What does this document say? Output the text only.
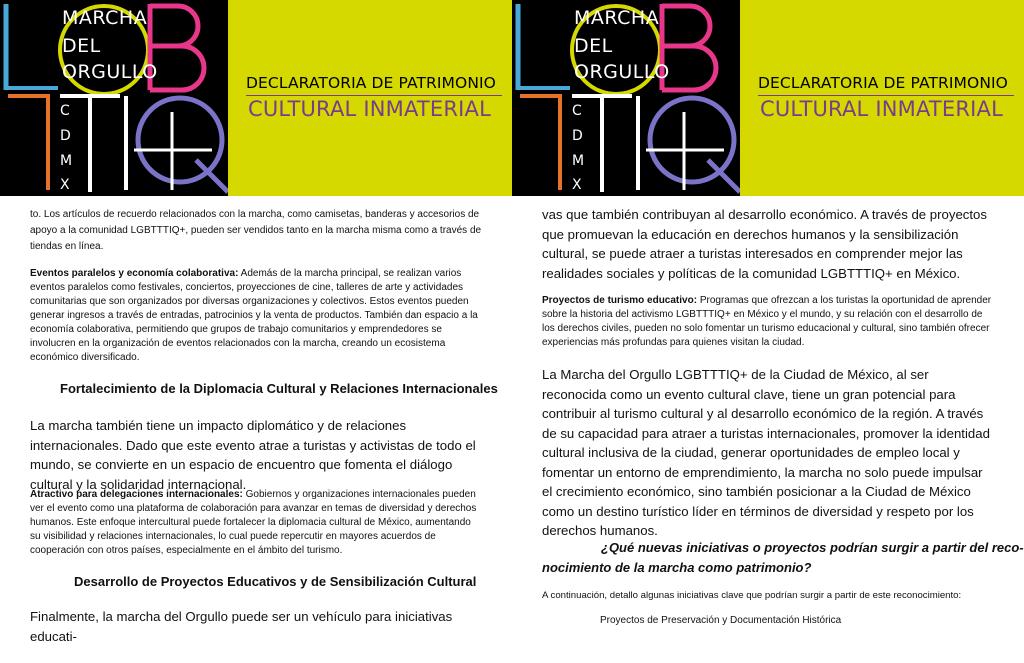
MARCHA
DEL
ORGULLO
C
D
M
X
DECLARATORIA DE PATRIMONIO
CULTURAL INMATERIAL
to. Los artículos de recuerdo relacionados con la marcha, como camisetas, banderas y accesorios de apoyo a la comunidad LGBTTTIQ+, pueden ser vendidos tanto en la marcha misma como a través de tiendas en línea.
Eventos paralelos y economía colaborativa: Además de la marcha principal, se realizan varios eventos paralelos como festivales, conciertos, proyecciones de cine, talleres de arte y actividades comunitarias que son organizados por diversas organizaciones y colectivos. Estos eventos pueden generar ingresos a través de entradas, patrocinios y la venta de productos. También dan espacio a la economía colaborativa, permitiendo que grupos de trabajo comunitarios y emprendedores se involucren en la organización de eventos relacionados con la marcha, creando un ecosistema económico diversificado.
Fortalecimiento de la Diplomacia Cultural y Relaciones Internacionales
La marcha también tiene un impacto diplomático y de relaciones internacionales. Dado que este evento atrae a turistas y activistas de todo el mundo, se convierte en un espacio de encuentro que fomenta el diálogo cultural y la solidaridad internacional.
Atractivo para delegaciones internacionales: Gobiernos y organizaciones internacionales pueden ver el evento como una plataforma de colaboración para avanzar en temas de diversidad y derechos humanos. Este enfoque intercultural puede fortalecer la diplomacia cultural de México, aumentando su visibilidad y relaciones internacionales, lo cual puede repercutir en mayores acuerdos de cooperación con otros países, especialmente en el ámbito del turismo.
Desarrollo de Proyectos Educativos y de Sensibilización Cultural
Finalmente, la marcha del Orgullo puede ser un vehículo para iniciativas educati-
MARCHA
DEL
ORGULLO
C
D
M
X
DECLARATORIA DE PATRIMONIO
CULTURAL INMATERIAL
vas que también contribuyan al desarrollo económico. A través de proyectos que promuevan la educación en derechos humanos y la sensibilización cultural, se puede atraer a turistas interesados en comprender mejor las realidades sociales y políticas de la comunidad LGBTTTIQ+ en México.
Proyectos de turismo educativo: Programas que ofrezcan a los turistas la oportunidad de aprender sobre la historia del activismo LGBTTTIQ+ en México y el mundo, y su relación con el desarrollo de los derechos civiles, pueden no solo fomentar un turismo educacional y cultural, sino también ofrecer experiencias más profundas para quienes visitan la ciudad.
La Marcha del Orgullo LGBTTTIQ+ de la Ciudad de México, al ser reconocida como un evento cultural clave, tiene un gran potencial para contribuir al turismo cultural y al desarrollo económico de la región. A través de su capacidad para atraer a turistas internacionales, promover la identidad cultural inclusiva de la ciudad, generar oportunidades de empleo local y fomentar un entorno de emprendimiento, la marcha no solo puede impulsar el crecimiento económico, sino también posicionar a la Ciudad de México como un destino turístico líder en términos de diversidad y respeto por los derechos humanos.
¿Qué nuevas iniciativas o proyectos podrían surgir a partir del reco-
nocimiento de la marcha como patrimonio?
A continuación, detallo algunas iniciativas clave que podrían surgir a partir de este reconocimiento:
Proyectos de Preservación y Documentación Histórica
